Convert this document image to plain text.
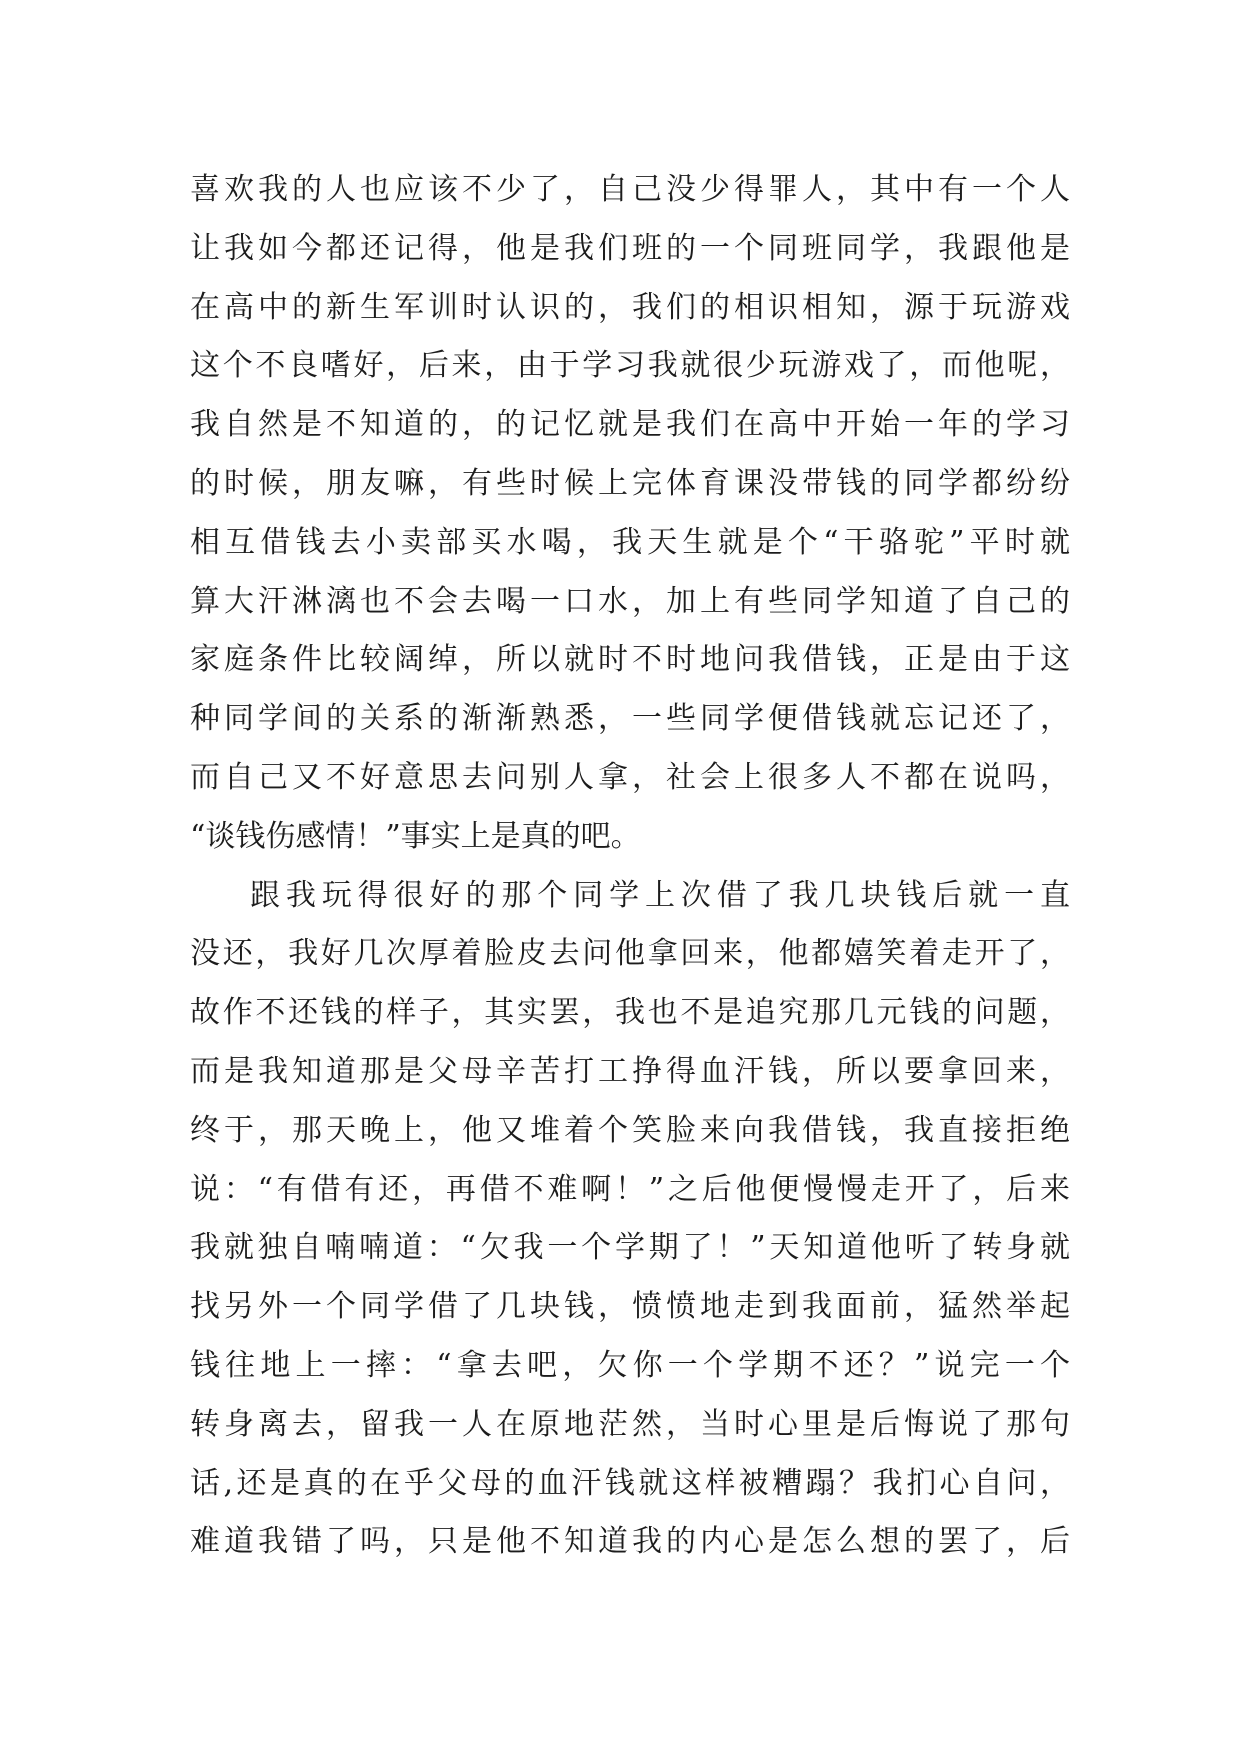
喜欢我的人也应该不少了，自己没少得罪人，其中有一个人
让我如今都还记得，他是我们班的一个同班同学，我跟他是
在高中的新生军训时认识的，我们的相识相知，源于玩游戏
这个不良嗜好，后来，由于学习我就很少玩游戏了，而他呢，
我自然是不知道的，的记忆就是我们在高中开始一年的学习
的时候，朋友嘛，有些时候上完体育课没带钱的同学都纷纷
相互借钱去小卖部买水喝，我天生就是个“干骆驼”平时就
算大汗淋漓也不会去喝一口水，加上有些同学知道了自己的
家庭条件比较阔绰，所以就时不时地问我借钱，正是由于这
种同学间的关系的渐渐熟悉，一些同学便借钱就忘记还了，
而自己又不好意思去问别人拿，社会上很多人不都在说吗，
“谈钱伤感情！”事实上是真的吧。
跟我玩得很好的那个同学上次借了我几块钱后就一直
没还，我好几次厚着脸皮去问他拿回来，他都嬉笑着走开了，
故作不还钱的样子，其实罢，我也不是追究那几元钱的问题，
而是我知道那是父母辛苦打工挣得血汗钱，所以要拿回来，
终于，那天晚上，他又堆着个笑脸来向我借钱，我直接拒绝
说：“有借有还，再借不难啊！”之后他便慢慢走开了，后来
我就独自喃喃道：“欠我一个学期了！”天知道他听了转身就
找另外一个同学借了几块钱，愤愤地走到我面前，猛然举起
钱往地上一摔：“拿去吧，欠你一个学期不还？”说完一个
转身离去，留我一人在原地茫然，当时心里是后悔说了那句
话,还是真的在乎父母的血汗钱就这样被糟蹋？我扪心自问，
难道我错了吗，只是他不知道我的内心是怎么想的罢了，后
